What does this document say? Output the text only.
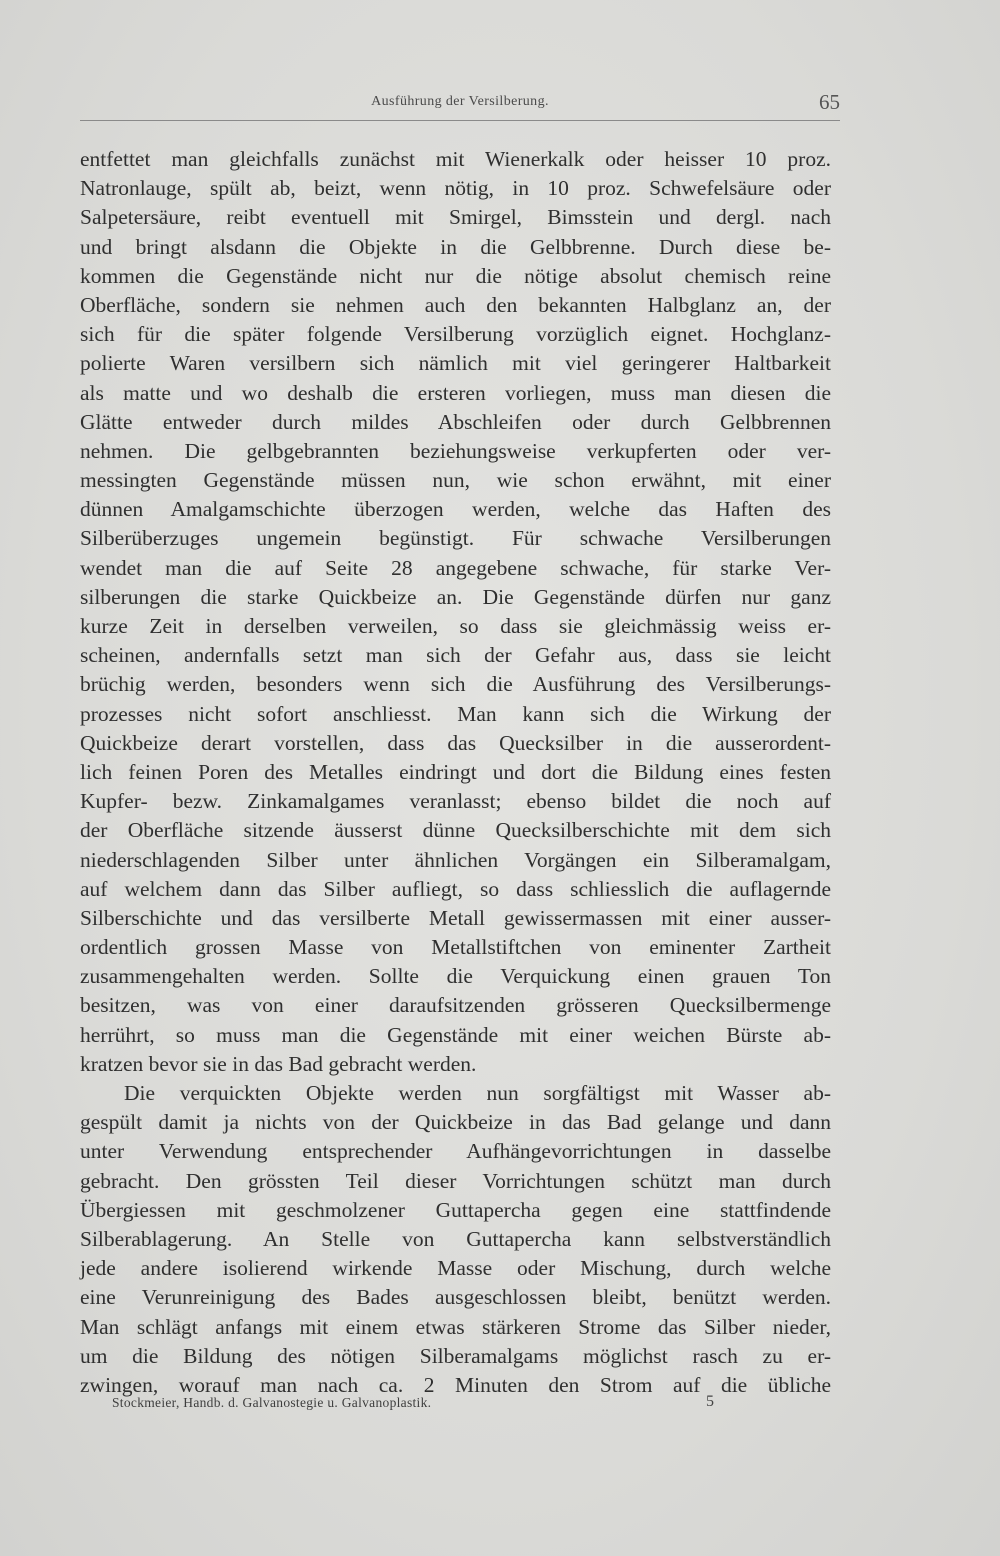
Ausführung der Versilberung.	65
entfettet man gleichfalls zunächst mit Wienerkalk oder heisser 10 proz.
Natronlauge, spült ab, beizt, wenn nötig, in 10 proz. Schwefelsäure oder
Salpetersäure, reibt eventuell mit Smirgel, Bimsstein und dergl. nach
und bringt alsdann die Objekte in die Gelbbrenne. Durch diese be-
kommen die Gegenstände nicht nur die nötige absolut chemisch reine
Oberfläche, sondern sie nehmen auch den bekannten Halbglanz an, der
sich für die später folgende Versilberung vorzüglich eignet. Hochglanz-
polierte Waren versilbern sich nämlich mit viel geringerer Haltbarkeit
als matte und wo deshalb die ersteren vorliegen, muss man diesen die
Glätte entweder durch mildes Abschleifen oder durch Gelbbrennen
nehmen. Die gelbgebrannten beziehungsweise verkupferten oder ver-
messingten Gegenstände müssen nun, wie schon erwähnt, mit einer
dünnen Amalgamschichte überzogen werden, welche das Haften des
Silberüberzuges ungemein begünstigt. Für schwache Versilberungen
wendet man die auf Seite 28 angegebene schwache, für starke Ver-
silberungen die starke Quickbeize an. Die Gegenstände dürfen nur ganz
kurze Zeit in derselben verweilen, so dass sie gleichmässig weiss er-
scheinen, andernfalls setzt man sich der Gefahr aus, dass sie leicht
brüchig werden, besonders wenn sich die Ausführung des Versilberungs-
prozesses nicht sofort anschliesst. Man kann sich die Wirkung der
Quickbeize derart vorstellen, dass das Quecksilber in die ausserordent-
lich feinen Poren des Metalles eindringt und dort die Bildung eines festen
Kupfer- bezw. Zinkamalgames veranlasst; ebenso bildet die noch auf
der Oberfläche sitzende äusserst dünne Quecksilberschichte mit dem sich
niederschlagenden Silber unter ähnlichen Vorgängen ein Silberamalgam,
auf welchem dann das Silber aufliegt, so dass schliesslich die auflagernde
Silberschichte und das versilberte Metall gewissermassen mit einer ausser-
ordentlich grossen Masse von Metallstiftchen von eminenter Zartheit
zusammengehalten werden. Sollte die Verquickung einen grauen Ton
besitzen, was von einer daraufsitzenden grösseren Quecksilbermenge
herrührt, so muss man die Gegenstände mit einer weichen Bürste ab-
kratzen bevor sie in das Bad gebracht werden.
Die verquickten Objekte werden nun sorgfältigst mit Wasser ab-
gespült damit ja nichts von der Quickbeize in das Bad gelange und dann
unter Verwendung entsprechender Aufhängevorrichtungen in dasselbe
gebracht. Den grössten Teil dieser Vorrichtungen schützt man durch
Übergiessen mit geschmolzener Guttapercha gegen eine stattfindende
Silberablagerung. An Stelle von Guttapercha kann selbstverständlich
jede andere isolierend wirkende Masse oder Mischung, durch welche
eine Verunreinigung des Bades ausgeschlossen bleibt, benützt werden.
Man schlägt anfangs mit einem etwas stärkeren Strome das Silber nieder,
um die Bildung des nötigen Silberamalgams möglichst rasch zu er-
zwingen, worauf man nach ca. 2 Minuten den Strom auf die übliche
Stockmeier, Handb. d. Galvanostegie u. Galvanoplastik.	5
